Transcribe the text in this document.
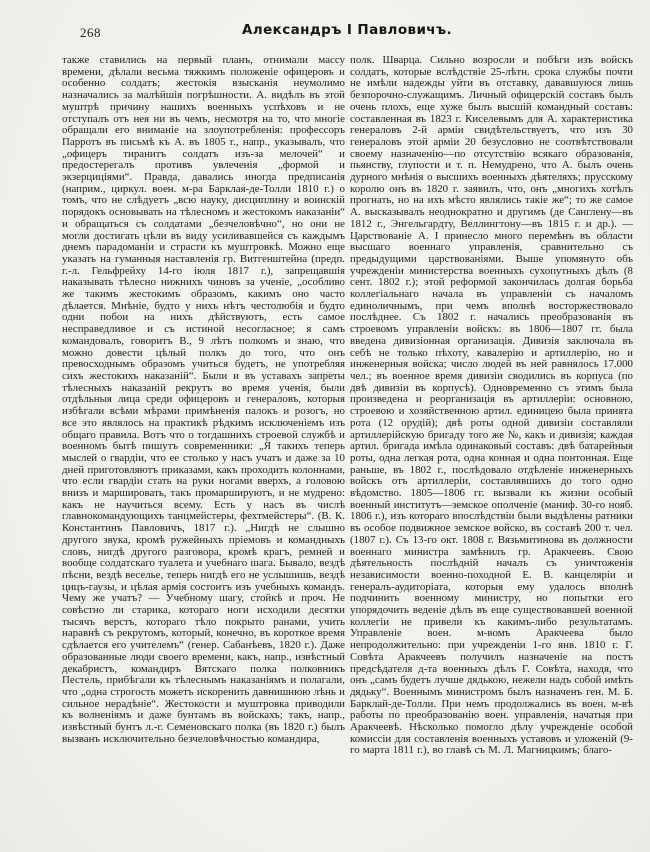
268	Александръ I Павловичъ.
также ставились на первый планъ, отнимали массу времени, дѣлали весьма тяжкимъ положеніе офицеровъ и особенно солдатъ; жестокія взысканія неумолимо назначались за малѣйшія погрѣшности. А. видѣлъ въ этой муштрѣ причину нашихъ военныхъ успѣховъ и не отступалъ отъ нея ни въ чемъ, несмотря на то, что многіе обращали его вниманіе на злоупотребленія: профессоръ Парротъ въ письмѣ къ А. въ 1805 г., напр., указывалъ, что „офицеръ тиранитъ солдатъ изъ-за мелочей“ и предостерегалъ противъ увлеченія „формой и экзерциціями“. Правда, давались иногда предписанія (наприм., циркул. воен. м-ра Барклая-де-Толли 1810 г.) о томъ, что не слѣдуетъ „всю науку, дисциплину и воинскій порядокъ основывать на тѣлесномъ и жестокомъ наказаніи“ и обращаться съ солдатами „безчеловѣчно“, но они не могли достигать цѣли въ виду усиливавшейся съ каждымъ днемъ парадоманіи и страсти къ муштровкѣ. Можно еще указать на гуманныя наставленія гр. Витгенштейна (предп. г.-л. Гельфрейху 14-го іюля 1817 г.), запрещавшія наказывать тѣлесно нижнихъ чиновъ за ученіе, „особливо же такимъ жестокимъ образомъ, какимъ оно часто дѣлается. Мнѣніе, будто у нихъ нѣтъ честолюбія и будто одни побои на нихъ дѣйствуютъ, есть самое несправедливое и съ истиной несогласное; я самъ командовалъ, говоритъ В., 9 лѣтъ полкомъ и знаю, что можно довести цѣлый полкъ до того, что онъ превосходнымъ образомъ учиться будетъ, не употребляя сихъ жестокихъ наказаній“. Были и въ уставахъ запреты тѣлесныхъ наказаній рекрутъ во время ученія, были отдѣльныя лица среди офицеровъ и генераловъ, которыя избѣгали всѣми мѣрами примѣненія палокъ и розогъ, но все это являлось на практикѣ рѣдкимъ исключеніемъ изъ общаго правила. Вотъ что о тогдашнихъ строевой службѣ и военномъ бытѣ пишутъ современники: „Я такихъ теперь мыслей о гвардіи, что ее столько у насъ учатъ и даже за 10 дней приготовляютъ приказами, какъ проходить колоннами, что если гвардіи стать на руки ногами вверхъ, а головою внизъ и маршировать, такъ промаршируютъ, и не мудрено: какъ не научиться всему. Есть у насъ въ числѣ главнокомандующихъ танцмейстеры, фехтмейстеры“. (В. К. Константинъ Павловичъ, 1817 г.). „Нигдѣ не слышно другого звука, кромѣ ружейныхъ пріемовъ и командныхъ словъ, нигдѣ другого разговора, кромѣ крагъ, ремней и вообще солдатскаго туалета и учебнаго шага. Бывало, вездѣ пѣсни, вездѣ веселье, теперь нигдѣ его не услышишь, вездѣ цицъ-гаузы, и цѣлая армія состоитъ изъ учебныхъ командъ. Чему же учатъ? — Учебному шагу, стойкѣ и проч. Не совѣстно ли старика, котораго ноги исходили десятки тысячъ верстъ, котораго тѣло покрыто ранами, учить наравнѣ съ рекрутомъ, который, конечно, въ короткое время сдѣлается его учителемъ“ (генер. Сабанѣевъ, 1820 г.). Даже образованные люди своего времени, какъ, напр., извѣстный декабристъ, командиръ Вятскаго полка полковникъ Пестель, прибѣгали къ тѣлеснымъ наказаніямъ и полагали, что „одна строгость можетъ искоренить давнишнюю лѣнь и сильное нерадѣніе“. Жестокости и муштровка приводили къ волненіямъ и даже бунтамъ въ войскахъ; такъ, напр., извѣстный бунтъ л.-г. Семеновскаго полка (въ 1820 г.) былъ вызванъ исключительно безчеловѣчностью командира,
полк. Шварца. Сильно возросли и побѣги изъ войскъ солдатъ, которые вслѣдствіе 25-лѣтн. срока службы почти не имѣли надежды уйти въ отставку, дававшуюся лишь безпорочно-служащимъ. Личный офицерскій составъ былъ очень плохъ, еще хуже былъ высшій командный составъ: составленная въ 1823 г. Киселевымъ для А. характеристика генераловъ 2-й арміи свидѣтельствуетъ, что изъ 30 генераловъ этой арміи 20 безусловно не соотвѣтствовали своему назначенію—по отсутствію всякаго образованія, пьянству, глупости и т. п. Немудрено, что А. былъ очень дурного мнѣнія о высшихъ военныхъ дѣятеляхъ; прусскому королю онъ въ 1820 г. заявилъ, что, онъ „многихъ хотѣлъ прогнать, но на ихъ мѣсто являлись такіе же“; то же самое А. высказывалъ неоднократно и другимъ (де Санглену—въ 1812 г., Энгельгардту, Веллингтону—въ 1815 г. и др.). — Царствованіе А. I принесло много перемѣнъ въ области высшаго военнаго управленія, сравнительно съ предыдущими царствованіями. Выше упомянуто объ учрежденіи министерства военныхъ сухопутныхъ дѣлъ (8 сент. 1802 г.); этой реформой закончилась долгая борьба коллегіальнаго начала въ управленіи съ началомъ единоличнымъ, при чемъ вполнѣ восторжествовало послѣднее. Съ 1802 г. начались преобразованія въ строевомъ управленіи войскъ: въ 1806—1807 гг. была введена дивизіонная организація. Дивизія заключала въ себѣ не только пѣхоту, кавалерію и артиллерію, но и инженерныя войска; число людей въ ней равнялось 17.000 чел.; въ военное время дивизіи сводились въ корпуса (по двѣ дивизіи въ корпусѣ). Одновременно съ этимъ была произведена и реорганизація въ артиллеріи: основною, строевою и хозяйственною артил. единицею была принята рота (12 орудій); двѣ роты одной дивизіи составляли артиллерійскую бригаду того же №, какъ и дивизія; каждая артил. бригада имѣла одинаковый составъ: двѣ батарейныя роты, одна легкая рота, одна конная и одна понтонная. Еще раньше, въ 1802 г., послѣдовало отдѣленіе инженерныхъ войскъ отъ артиллеріи, составлявшихъ до того одно вѣдомство. 1805—1806 гг. вызвали къ жизни особый военный институтъ—земское ополченіе (маниф. 30-го нояб. 1806 г.), изъ котораго впослѣдствіи были выдѣлены ратники въ особое подвижное земское войско, въ составѣ 200 т. чел. (1807 г.). Съ 13-го окт. 1808 г. Вязьмитинова въ должности военнаго министра замѣнилъ гр. Аракчеевъ. Свою дѣятельность послѣдній началъ съ уничтоженія независимости военно-походной Е. В. канцеляріи и генералъ-аудиторіата, которыя ему удалось вполнѣ подчинить военному министру, но попытки его упорядочить веденіе дѣлъ въ еще существовавшей военной коллегіи не привели къ какимъ-либо результатамъ. Управленіе воен. м-вомъ Аракчеева было непродолжительно: при учрежденіи 1-го янв. 1810 г. Г. Совѣта Аракчеевъ получилъ назначеніе на постъ предсѣдателя д-та военныхъ дѣлъ Г. Совѣта, находя, что онъ „самъ будетъ лучше дядькою, нежели надъ собой имѣть дядьку“. Военнымъ министромъ былъ назначенъ ген. М. Б. Барклай-де-Толли. При немъ продолжались въ воен. м-вѣ работы по преобразованію воен. управленія, начатыя при Аракчеевѣ. Нѣсколько помогло дѣлу учрежденіе особой комиссіи для составленія военныхъ уставовъ и уложеній (9-го марта 1811 г.), во главѣ съ М. Л. Магницкимъ; благо-
